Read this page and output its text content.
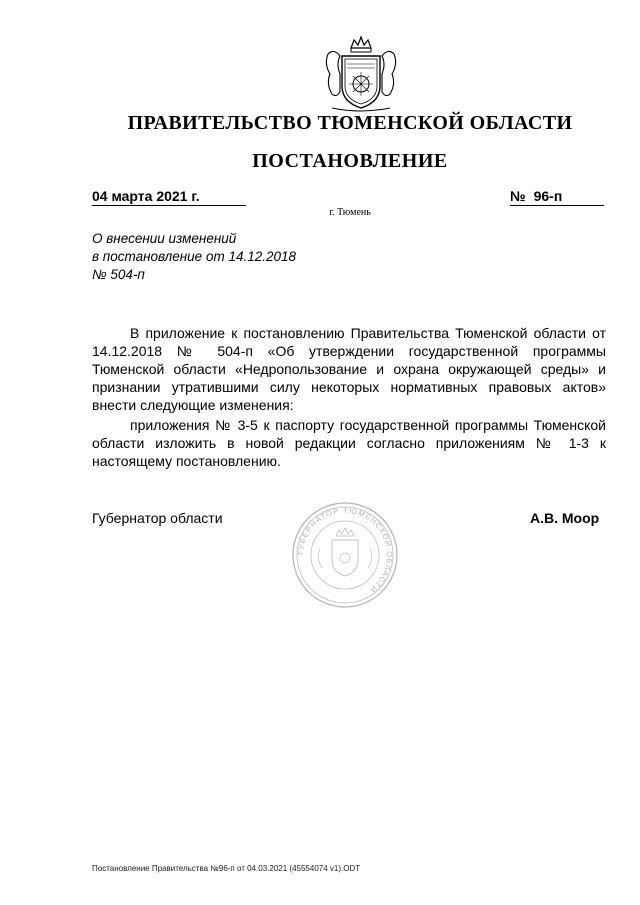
ПРАВИТЕЛЬСТВО ТЮМЕНСКОЙ ОБЛАСТИ
ПОСТАНОВЛЕНИЕ
04 марта 2021 г.	№ 96-п
г. Тюмень
О внесении изменений
в постановление от 14.12.2018
№ 504-п

В приложение к постановлению Правительства Тюменской области от 14.12.2018 № 504-п «Об утверждении государственной программы Тюменской области «Недропользование и охрана окружающей среды» и признании утратившими силу некоторых нормативных правовых актов» внести следующие изменения:

приложения № 3-5 к паспорту государственной программы Тюменской области изложить в новой редакции согласно приложениям № 1-3 к настоящему постановлению.

Губернатор области	А.В. Моор
ГУБЕРНАТОР ТЮМЕНСКОЙ ОБЛАСТИ
Постановление Правительства №96-п от 04.03.2021 (45554074 v1).ODT
